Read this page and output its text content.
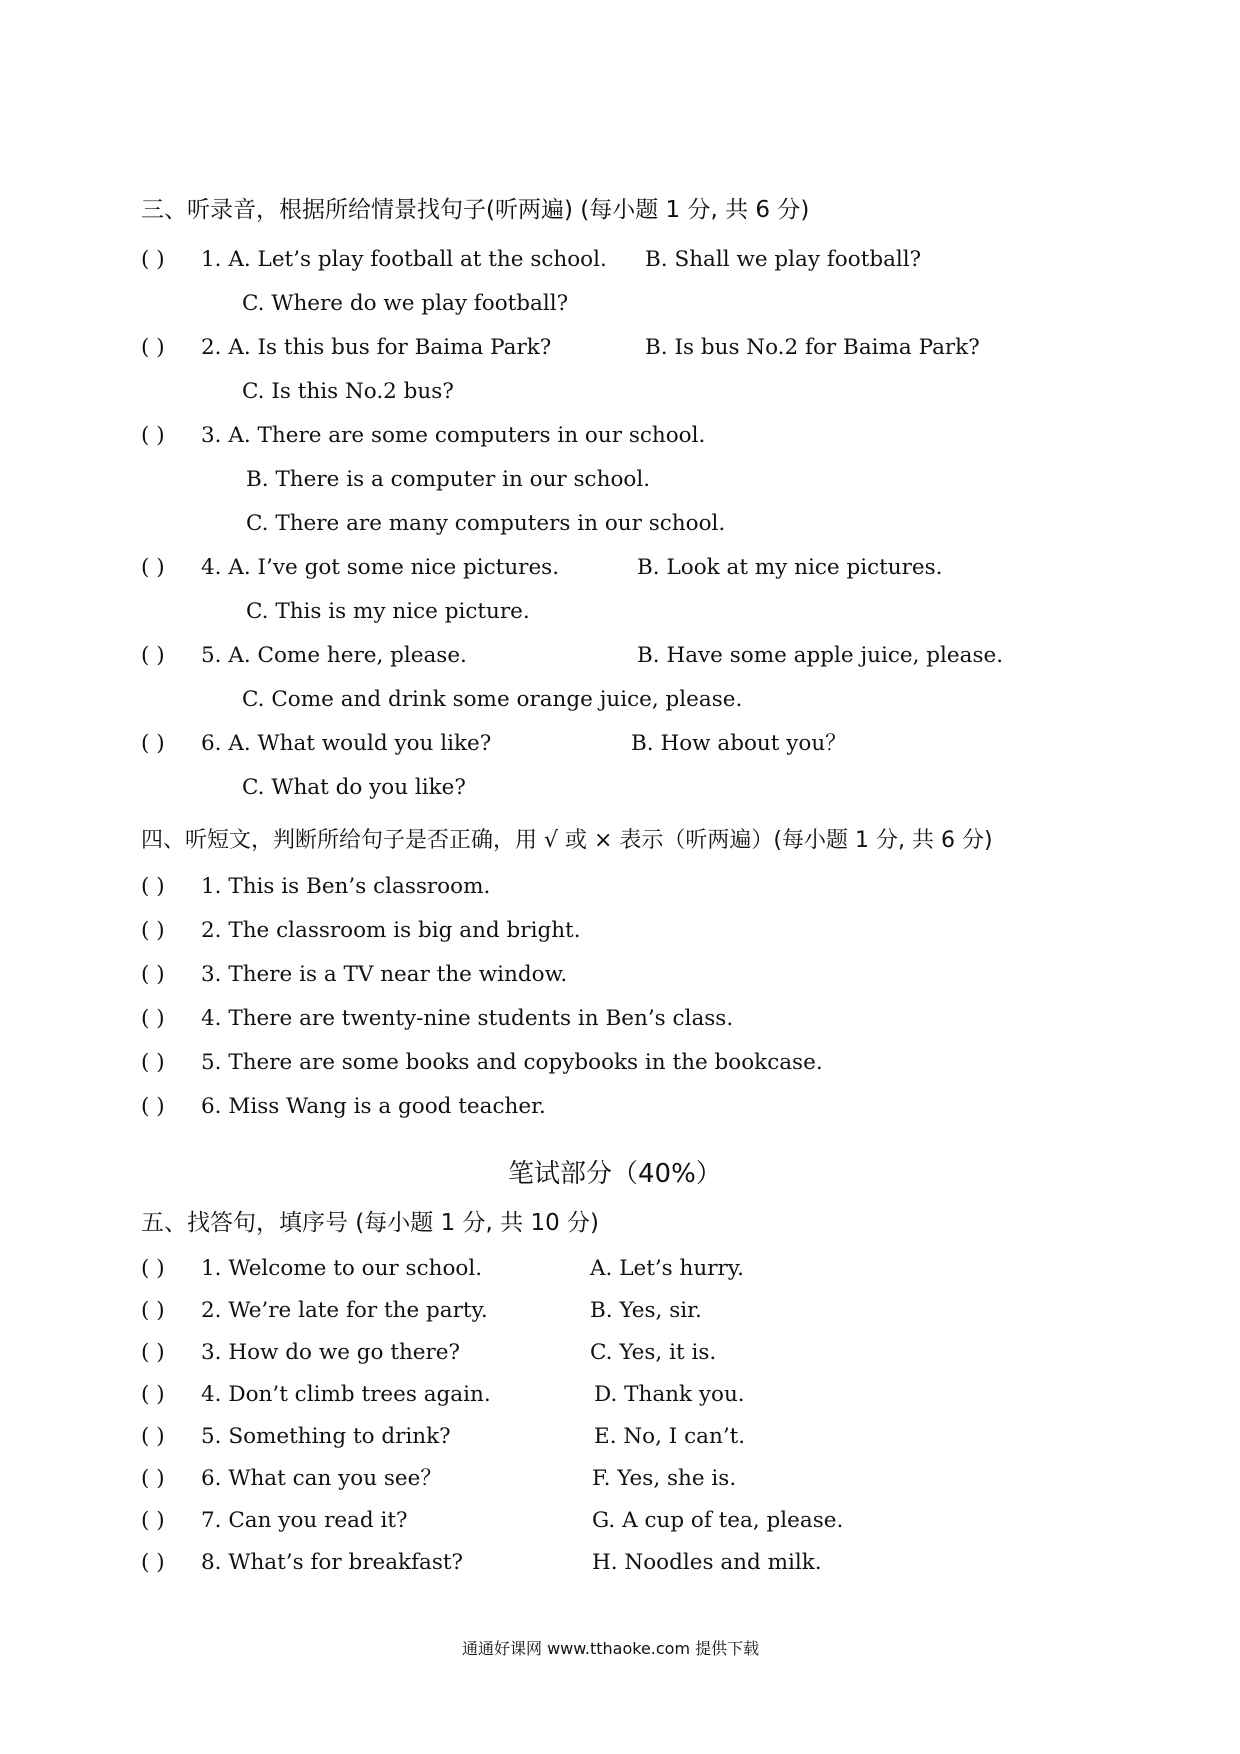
三、听录音，根据所给情景找句子(听两遍) (每小题 1 分, 共 6 分)
( ) 1. A. Let’s play football at the school. B. Shall we play football?
C. Where do we play football?
( ) 2. A. Is this bus for Baima Park?	B. Is bus No.2 for Baima Park?
C. Is this No.2 bus?
( ) 3. A. There are some computers in our school.
B. There is a computer in our school.
C. There are many computers in our school.
( ) 4. A. I’ve got some nice pictures.	B. Look at my nice pictures.
C. This is my nice picture.
( ) 5. A. Come here, please.	B. Have some apple juice, please.
C. Come and drink some orange juice, please.
( ) 6. A. What would you like?	B. How about you？
C. What do you like?
四、听短文，判断所给句子是否正确，用 √ 或 × 表示（听两遍）(每小题 1 分, 共 6 分)
( ) 1. This is Ben’s classroom.
( ) 2. The classroom is big and bright.
( ) 3. There is a TV near the window.
( ) 4. There are twenty-nine students in Ben’s class.
( ) 5. There are some books and copybooks in the bookcase.
( ) 6. Miss Wang is a good teacher.
笔试部分（40%）
五、找答句，填序号 (每小题 1 分, 共 10 分)
( ) 1. Welcome to our school.	A. Let’s hurry.
( ) 2. We’re late for the party.	B. Yes, sir.
( ) 3. How do we go there?	C. Yes, it is.
( ) 4. Don’t climb trees again.	D. Thank you.
( ) 5. Something to drink?	E. No, I can’t.
( ) 6. What can you see？	F. Yes, she is.
( ) 7. Can you read it?	G. A cup of tea, please.
( ) 8. What’s for breakfast?	H. Noodles and milk.
通通好课网 www.tthaoke.com 提供下载
